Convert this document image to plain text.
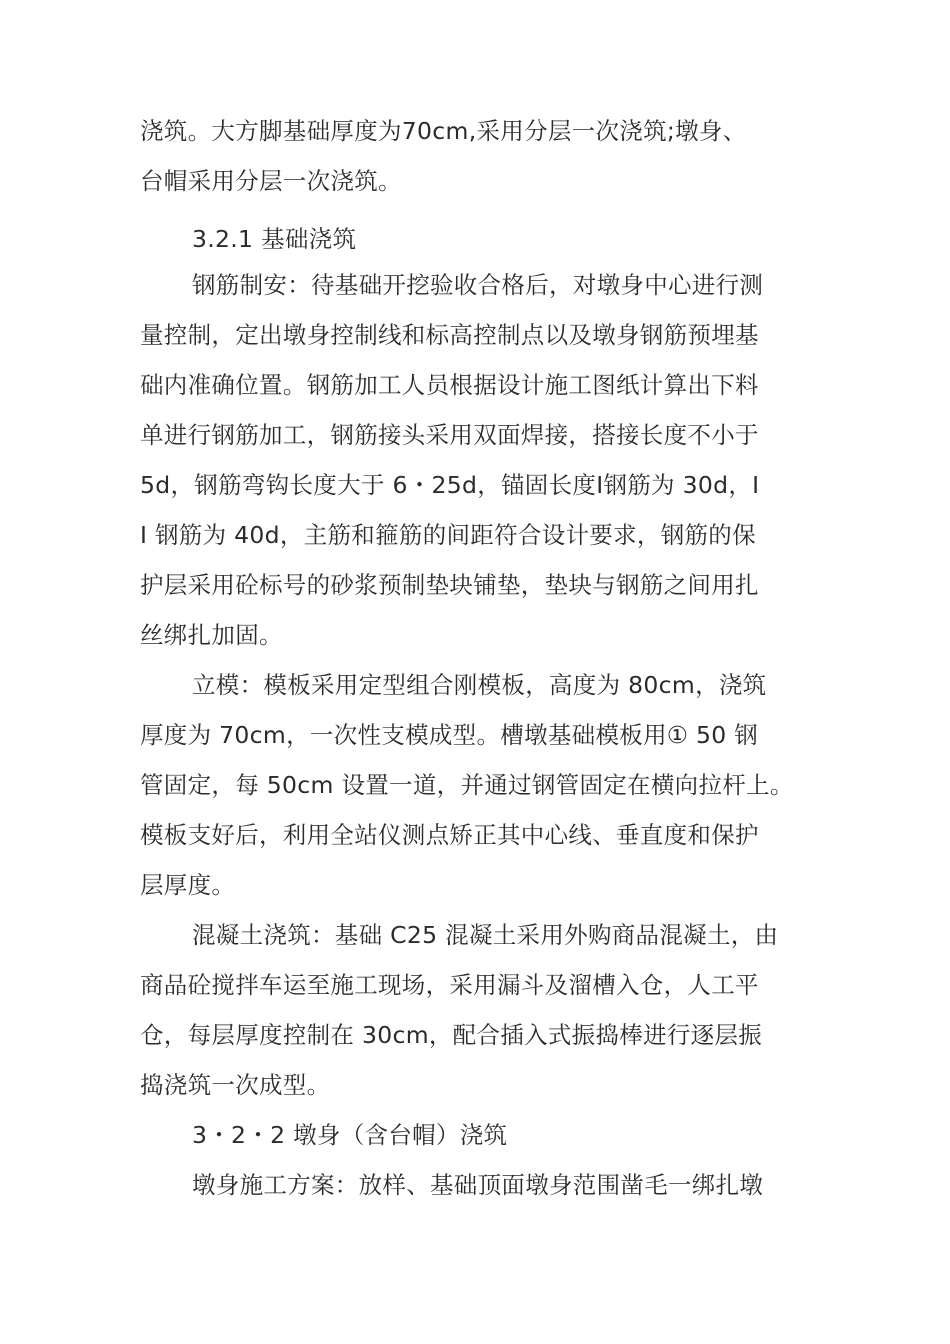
浇筑。大方脚基础厚度为70cm,采用分层一次浇筑;墩身、
台帽采用分层一次浇筑。
3.2.1 基础浇筑
钢筋制安：待基础开挖验收合格后，对墩身中心进行测
量控制，定出墩身控制线和标高控制点以及墩身钢筋预埋基
础内准确位置。钢筋加工人员根据设计施工图纸计算出下料
单进行钢筋加工，钢筋接头采用双面焊接，搭接长度不小于
5d，钢筋弯钩长度大于 6・25d，锚固长度Ⅰ钢筋为 30d，I
I 钢筋为 40d，主筋和箍筋的间距符合设计要求，钢筋的保
护层采用砼标号的砂浆预制垫块铺垫，垫块与钢筋之间用扎
丝绑扎加固。
立模：模板采用定型组合刚模板，高度为 80cm，浇筑
厚度为 70cm，一次性支模成型。槽墩基础模板用① 50 钢
管固定，每 50cm 设置一道，并通过钢管固定在横向拉杆上。
模板支好后，利用全站仪测点矫正其中心线、垂直度和保护
层厚度。
混凝土浇筑：基础 C25 混凝土采用外购商品混凝土，由
商品砼搅拌车运至施工现场，采用漏斗及溜槽入仓，人工平
仓，每层厚度控制在 30cm，配合插入式振捣棒进行逐层振
捣浇筑一次成型。
3・2・2 墩身（含台帽）浇筑
墩身施工方案：放样、基础顶面墩身范围凿毛一绑扎墩
